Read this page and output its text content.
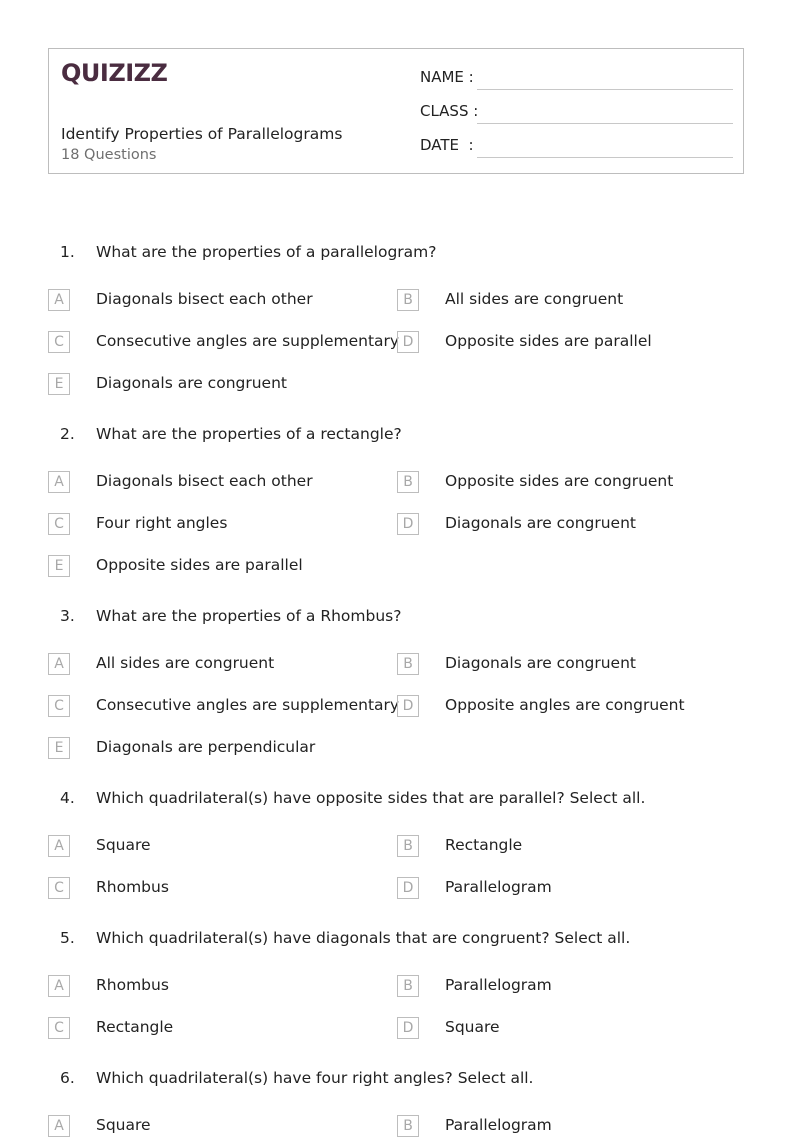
QUIZIZZ
Identify Properties of Parallelograms
18 Questions
NAME :
CLASS :
DATE  :
1. What are the properties of a parallelogram?
A	Diagonals bisect each other	B	All sides are congruent
C	Consecutive angles are supplementary D	Opposite sides are parallel
E	Diagonals are congruent
2. What are the properties of a rectangle?
A	Diagonals bisect each other	B	Opposite sides are congruent
C	Four right angles	D	Diagonals are congruent
E	Opposite sides are parallel
3. What are the properties of a Rhombus?
A	All sides are congruent	B	Diagonals are congruent
C	Consecutive angles are supplementary D	Opposite angles are congruent
E	Diagonals are perpendicular
4. Which quadrilateral(s) have opposite sides that are parallel? Select all.
A	Square	B	Rectangle
C	Rhombus	D	Parallelogram
5. Which quadrilateral(s) have diagonals that are congruent? Select all.
A	Rhombus	B	Parallelogram
C	Rectangle	D	Square
6. Which quadrilateral(s) have four right angles? Select all.
A	Square	B	Parallelogram
